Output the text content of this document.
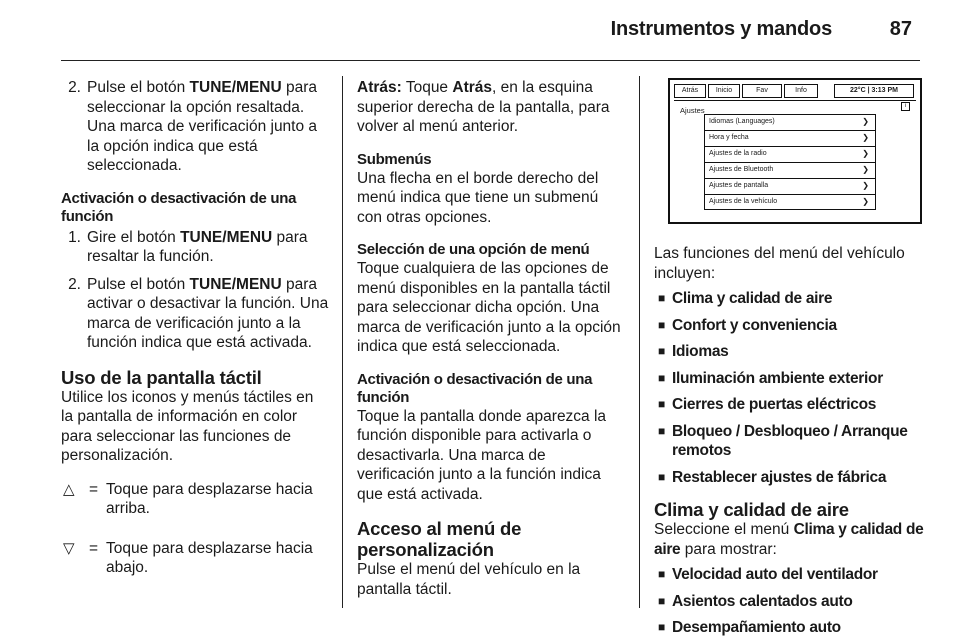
Instrumentos y mandos	87
2. Pulse el botón TUNE/MENU para seleccionar la opción resaltada. Una marca de verificación junto a la opción indica que está seleccionada.
Activación o desactivación de una función
1. Gire el botón TUNE/MENU para resaltar la función.
2. Pulse el botón TUNE/MENU para activar o desactivar la función. Una marca de verificación junto a la función indica que está activada.
Uso de la pantalla táctil
Utilice los iconos y menús táctiles en la pantalla de información en color para seleccionar las funciones de personalización.
△ = Toque para desplazarse hacia arriba.
▽ = Toque para desplazarse hacia abajo.
Atrás: Toque Atrás, en la esquina superior derecha de la pantalla, para volver al menú anterior.
Submenús
Una flecha en el borde derecho del menú indica que tiene un submenú con otras opciones.
Selección de una opción de menú
Toque cualquiera de las opciones de menú disponibles en la pantalla táctil para seleccionar dicha opción. Una marca de verificación junto a la opción indica que está seleccionada.
Activación o desactivación de una función
Toque la pantalla donde aparezca la función disponible para activarla o desactivarla. Una marca de verificación junto a la función indica que está activada.
Acceso al menú de personalización
Pulse el menú del vehículo en la pantalla táctil.
Atrás	Inicio	Fav	Info	22°C | 3:13 PM
Ajustes	i
Idiomas (Languages)	❯
Hora y fecha	❯
Ajustes de la radio	❯
Ajustes de Bluetooth	❯
Ajustes de pantalla	❯
Ajustes de la vehículo	❯
Las funciones del menú del vehículo incluyen:
■ Clima y calidad de aire
■ Confort y conveniencia
■ Idiomas
■ Iluminación ambiente exterior
■ Cierres de puertas eléctricos
■ Bloqueo / Desbloqueo / Arranque remotos
■ Restablecer ajustes de fábrica
Clima y calidad de aire
Seleccione el menú Clima y calidad de aire para mostrar:
■ Velocidad auto del ventilador
■ Asientos calentados auto
■ Desempañamiento auto
